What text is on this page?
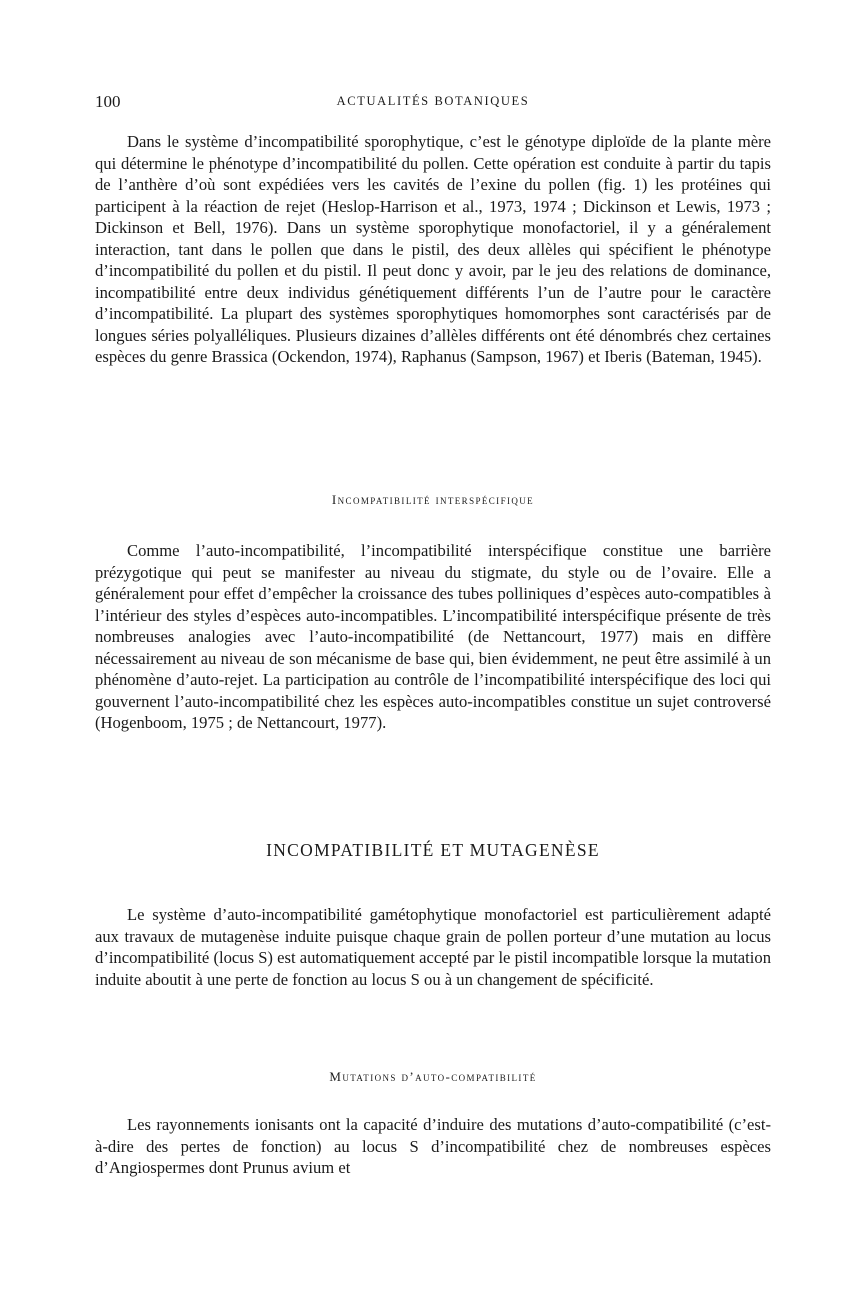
100	ACTUALITÉS BOTANIQUES

Dans le système d’incompatibilité sporophytique, c’est le génotype diploïde de la plante mère qui détermine le phénotype d’incompatibilité du pollen. Cette opération est conduite à partir du tapis de l’anthère d’où sont expédiées vers les cavités de l’exine du pollen (fig. 1) les protéines qui participent à la réaction de rejet (Heslop-Harrison et al., 1973, 1974 ; Dickinson et Lewis, 1973 ; Dickinson et Bell, 1976). Dans un système sporophytique monofactoriel, il y a généralement interaction, tant dans le pollen que dans le pistil, des deux allèles qui spécifient le phénotype d’incompatibilité du pollen et du pistil. Il peut donc y avoir, par le jeu des relations de dominance, incompatibilité entre deux individus génétiquement différents l’un de l’autre pour le caractère d’incompatibilité. La plupart des systèmes sporophytiques homomorphes sont caractérisés par de longues séries polyalléliques. Plusieurs dizaines d’allèles différents ont été dénombrés chez certaines espèces du genre Brassica (Ockendon, 1974), Raphanus (Sampson, 1967) et Iberis (Bateman, 1945).

Incompatibilité interspécifique

Comme l’auto-incompatibilité, l’incompatibilité interspécifique constitue une barrière prézygotique qui peut se manifester au niveau du stigmate, du style ou de l’ovaire. Elle a généralement pour effet d’empêcher la croissance des tubes polliniques d’espèces auto-compatibles à l’intérieur des styles d’espèces auto-incompatibles. L’incompatibilité interspécifique présente de très nombreuses analogies avec l’auto-incompatibilité (de Nettancourt, 1977) mais en diffère nécessairement au niveau de son mécanisme de base qui, bien évidemment, ne peut être assimilé à un phénomène d’auto-rejet. La participation au contrôle de l’incompatibilité interspécifique des loci qui gouvernent l’auto-incompatibilité chez les espèces auto-incompatibles constitue un sujet controversé (Hogenboom, 1975 ; de Nettancourt, 1977).

INCOMPATIBILITÉ ET MUTAGENÈSE

Le système d’auto-incompatibilité gamétophytique monofactoriel est particulièrement adapté aux travaux de mutagenèse induite puisque chaque grain de pollen porteur d’une mutation au locus d’incompatibilité (locus S) est automatiquement accepté par le pistil incompatible lorsque la mutation induite aboutit à une perte de fonction au locus S ou à un changement de spécificité.

Mutations d’auto-compatibilité

Les rayonnements ionisants ont la capacité d’induire des mutations d’auto-compatibilité (c’est-à-dire des pertes de fonction) au locus S d’incompatibilité chez de nombreuses espèces d’Angiospermes dont Prunus avium et
